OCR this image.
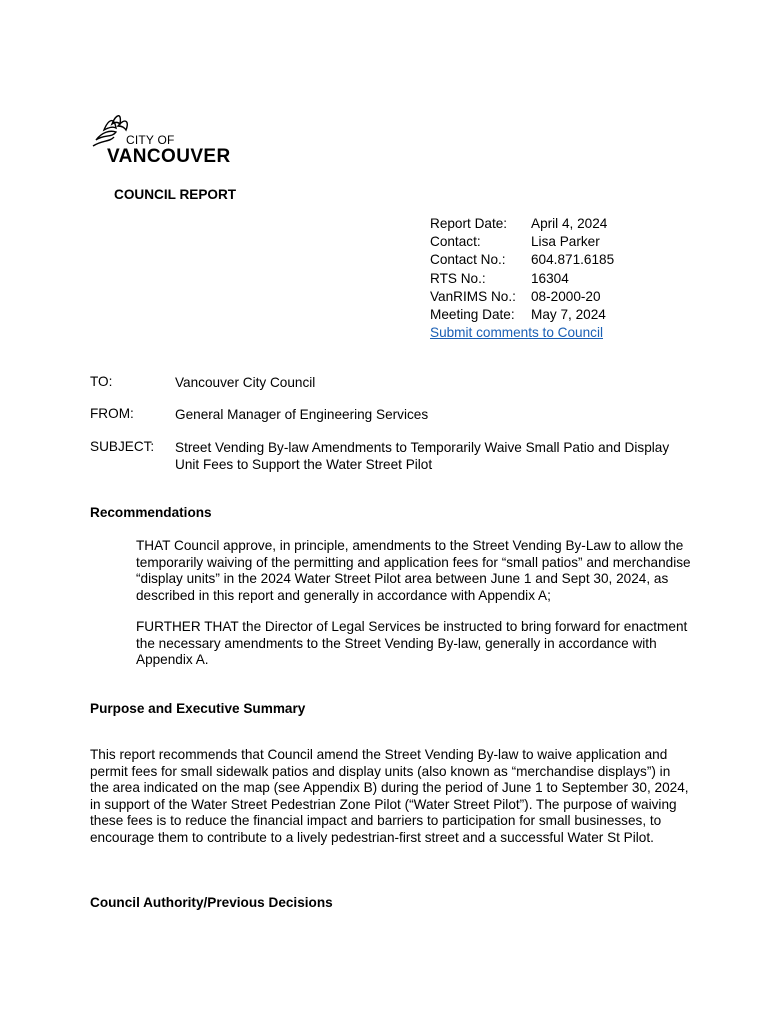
CITY OF
VANCOUVER
COUNCIL REPORT
Report Date:	April 4, 2024
Contact:	Lisa Parker
Contact No.:	604.871.6185
RTS No.:	16304
VanRIMS No.:	08-2000-20
Meeting Date:	May 7, 2024
Submit comments to Council
TO:	Vancouver City Council
FROM:	General Manager of Engineering Services
SUBJECT:	Street Vending By-law Amendments to Temporarily Waive Small Patio and Display Unit Fees to Support the Water Street Pilot
Recommendations
THAT Council approve, in principle, amendments to the Street Vending By-Law to allow the temporarily waiving of the permitting and application fees for “small patios” and merchandise “display units” in the 2024 Water Street Pilot area between June 1 and Sept 30, 2024, as described in this report and generally in accordance with Appendix A;
FURTHER THAT the Director of Legal Services be instructed to bring forward for enactment the necessary amendments to the Street Vending By-law, generally in accordance with Appendix A.
Purpose and Executive Summary
This report recommends that Council amend the Street Vending By-law to waive application and permit fees for small sidewalk patios and display units (also known as “merchandise displays”) in the area indicated on the map (see Appendix B) during the period of June 1 to September 30, 2024, in support of the Water Street Pedestrian Zone Pilot (“Water Street Pilot”). The purpose of waiving these fees is to reduce the financial impact and barriers to participation for small businesses, to encourage them to contribute to a lively pedestrian-first street and a successful Water St Pilot.
Council Authority/Previous Decisions
